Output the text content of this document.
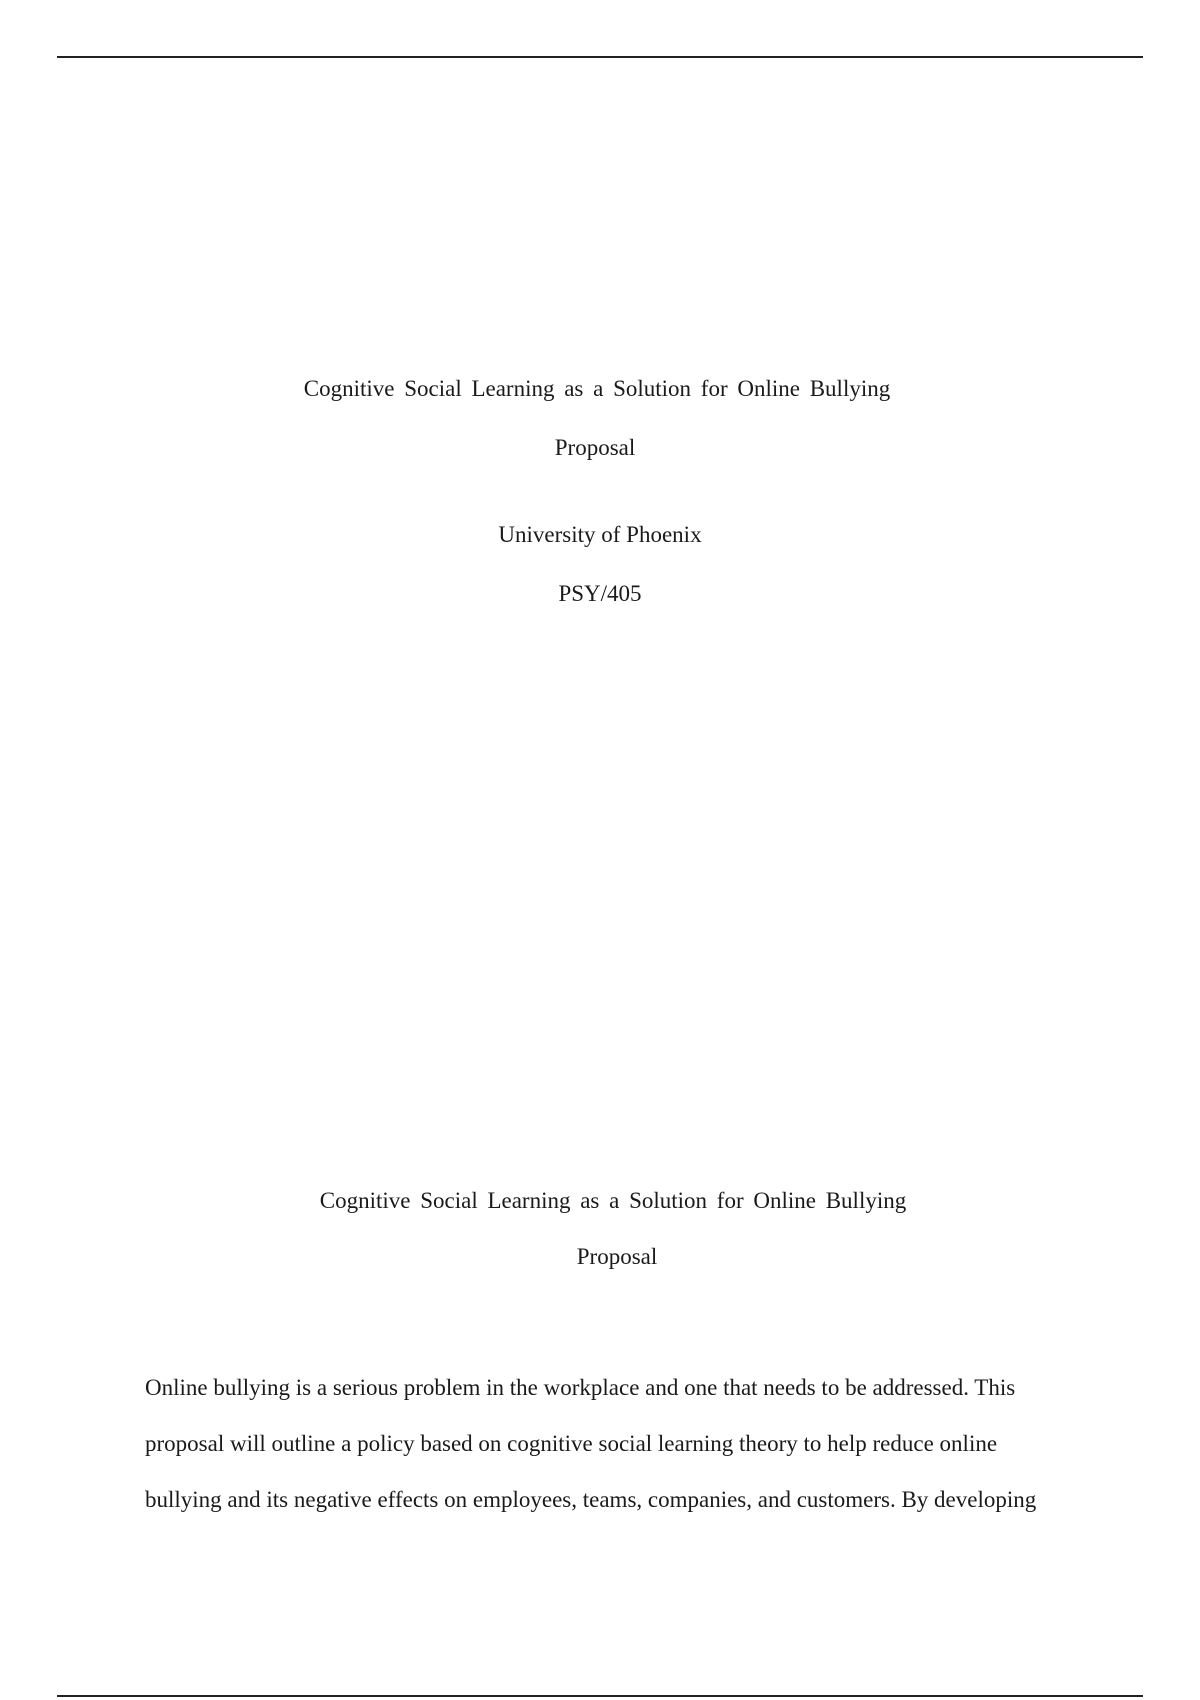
Cognitive Social Learning as a Solution for Online Bullying
Proposal
University of Phoenix
PSY/405
Cognitive Social Learning as a Solution for Online Bullying
Proposal
Online bullying is a serious problem in the workplace and one that needs to be addressed. This
proposal will outline a policy based on cognitive social learning theory to help reduce online
bullying and its negative effects on employees, teams, companies, and customers. By developing
